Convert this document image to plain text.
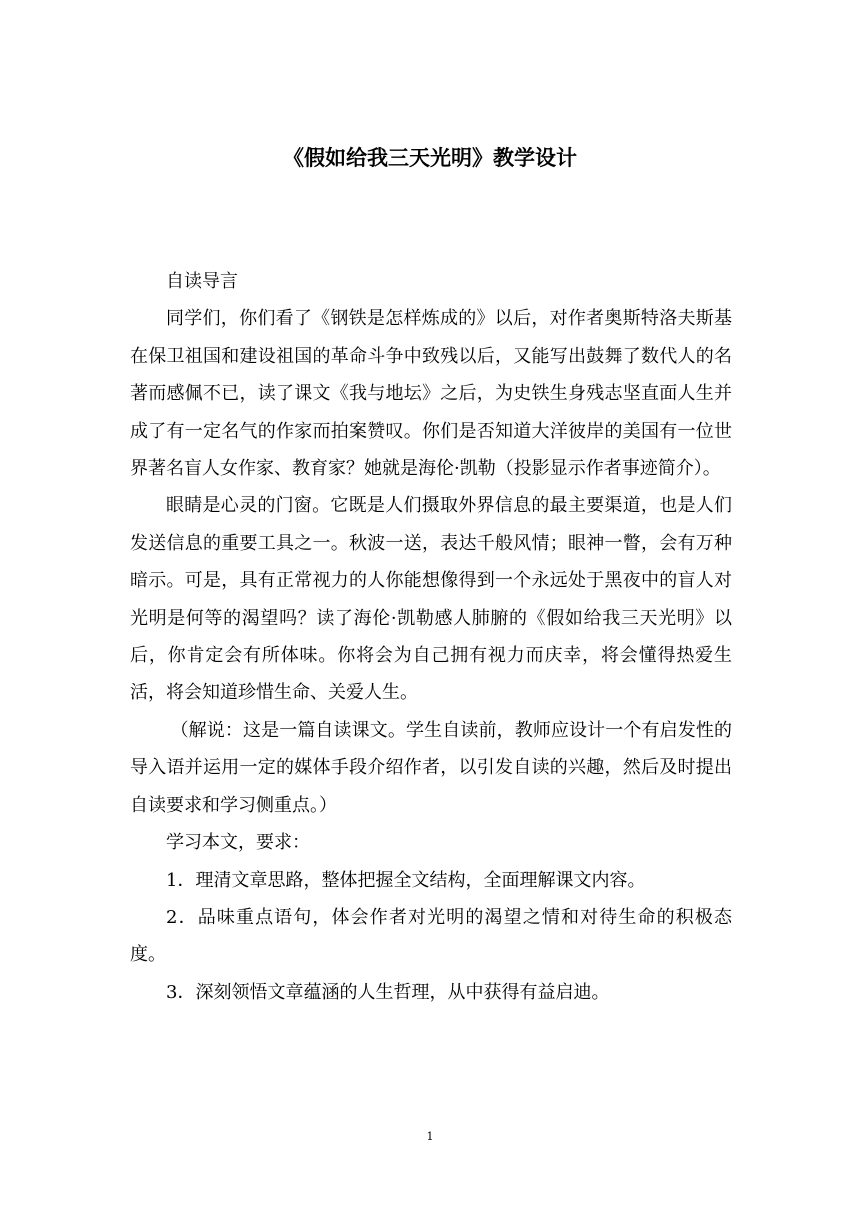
《假如给我三天光明》教学设计

自读导言

同学们，你们看了《钢铁是怎样炼成的》以后，对作者奥斯特洛夫斯基在保卫祖国和建设祖国的革命斗争中致残以后，又能写出鼓舞了数代人的名著而感佩不已，读了课文《我与地坛》之后，为史铁生身残志坚直面人生并成了有一定名气的作家而拍案赞叹。你们是否知道大洋彼岸的美国有一位世界著名盲人女作家、教育家？她就是海伦·凯勒（投影显示作者事迹简介）。

眼睛是心灵的门窗。它既是人们摄取外界信息的最主要渠道，也是人们发送信息的重要工具之一。秋波一送，表达千般风情；眼神一瞥，会有万种暗示。可是，具有正常视力的人你能想像得到一个永远处于黑夜中的盲人对光明是何等的渴望吗？读了海伦·凯勒感人肺腑的《假如给我三天光明》以后，你肯定会有所体味。你将会为自己拥有视力而庆幸，将会懂得热爱生活，将会知道珍惜生命、关爱人生。

（解说：这是一篇自读课文。学生自读前，教师应设计一个有启发性的导入语并运用一定的媒体手段介绍作者，以引发自读的兴趣，然后及时提出自读要求和学习侧重点。）

学习本文，要求：

1．理清文章思路，整体把握全文结构，全面理解课文内容。

2．品味重点语句，体会作者对光明的渴望之情和对待生命的积极态度。

3．深刻领悟文章蕴涵的人生哲理，从中获得有益启迪。

1
